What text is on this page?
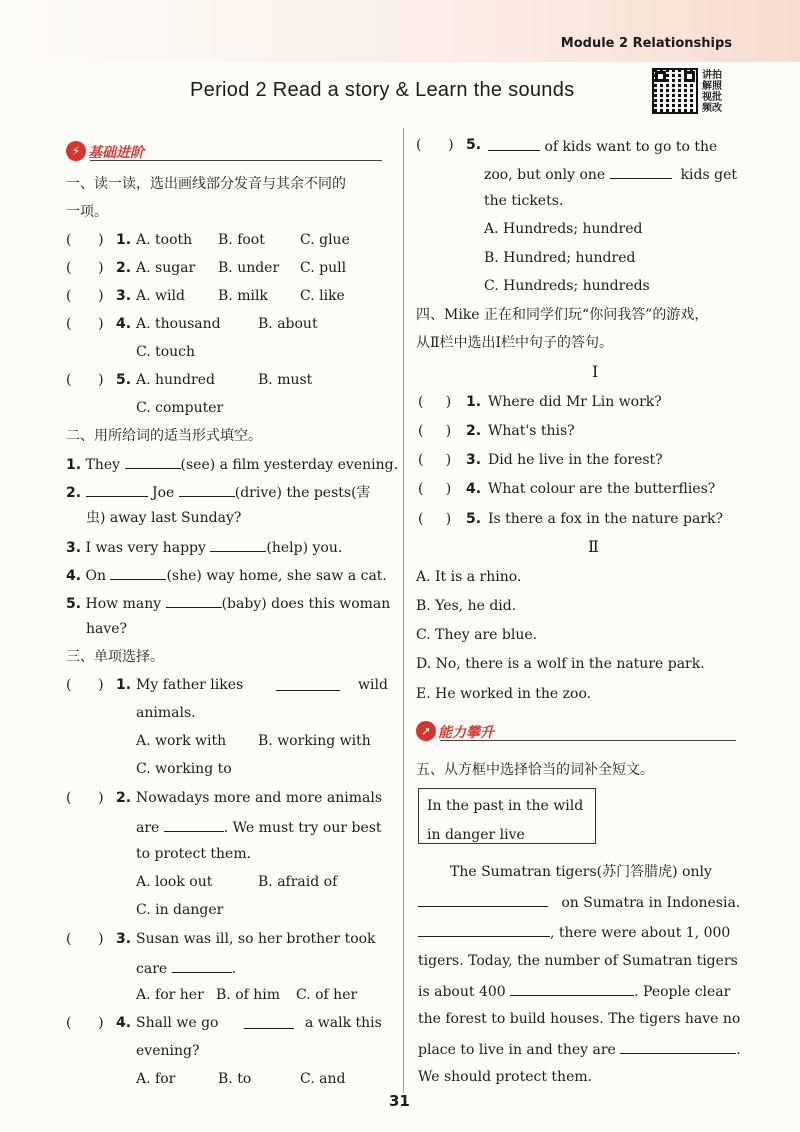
Module 2 Relationships
Period 2 Read a story & Learn the sounds
讲拍
解照
视批
频改
⚡ 基础进阶
一、读一读，选出画线部分发音与其余不同的
一项。
(      ) 1. A. tooth B. foot	C. glue
(      ) 2. A. sugar B. under C. pull
(      ) 3. A. wild B. milk C. like
(      ) 4. A. thousand	B. about
C. touch
(      ) 5. A. hundred	B. must
C. computer
二、用所给词的适当形式填空。
1. They	(see) a film yesterday evening.
2.	Joe	(drive) the pests(害
虫) away last Sunday?
3. I was very happy	(help) you.
4. On	(she) way home, she saw a cat.
5. How many	(baby) does this woman
have?
三、单项选择。
(      ) 1. My father likes	wild
animals.
A. work with B. working with
C. working to
(      ) 2. Nowadays more and more animals
are	. We must try our best
to protect them.
A. look out	B. afraid of
C. in danger
(      ) 3. Susan was ill, so her brother took
care	.
A. for her B. of him C. of her
(      ) 4. Shall we go	a walk this
evening?
A. for	B. to	C. and
(      ) 5.	of kids want to go to the
zoo, but only one	kids get
the tickets.
A. Hundreds; hundred
B. Hundred; hundred
C. Hundreds; hundreds
四、Mike 正在和同学们玩“你问我答”的游戏，
从Ⅱ栏中选出Ⅰ栏中句子的答句。
Ⅰ
(     ) 1. Where did Mr Lin work?
(     ) 2. What's this?
(     ) 3. Did he live in the forest?
(     ) 4. What colour are the butterflies?
(     ) 5. Is there a fox in the nature park?
Ⅱ
A. It is a rhino.
B. Yes, he did.
C. They are blue.
D. No, there is a wolf in the nature park.
E. He worked in the zoo.
➚ 能力攀升
五、从方框中选择恰当的词补全短文。
In the past in the wild
in danger live
The Sumatran tigers(苏门答腊虎) only
on Sumatra in Indonesia.
, there were about 1, 000
tigers. Today, the number of Sumatran tigers
is about 400	. People clear
the forest to build houses. The tigers have no
place to live in and they are	.
We should protect them.
31
